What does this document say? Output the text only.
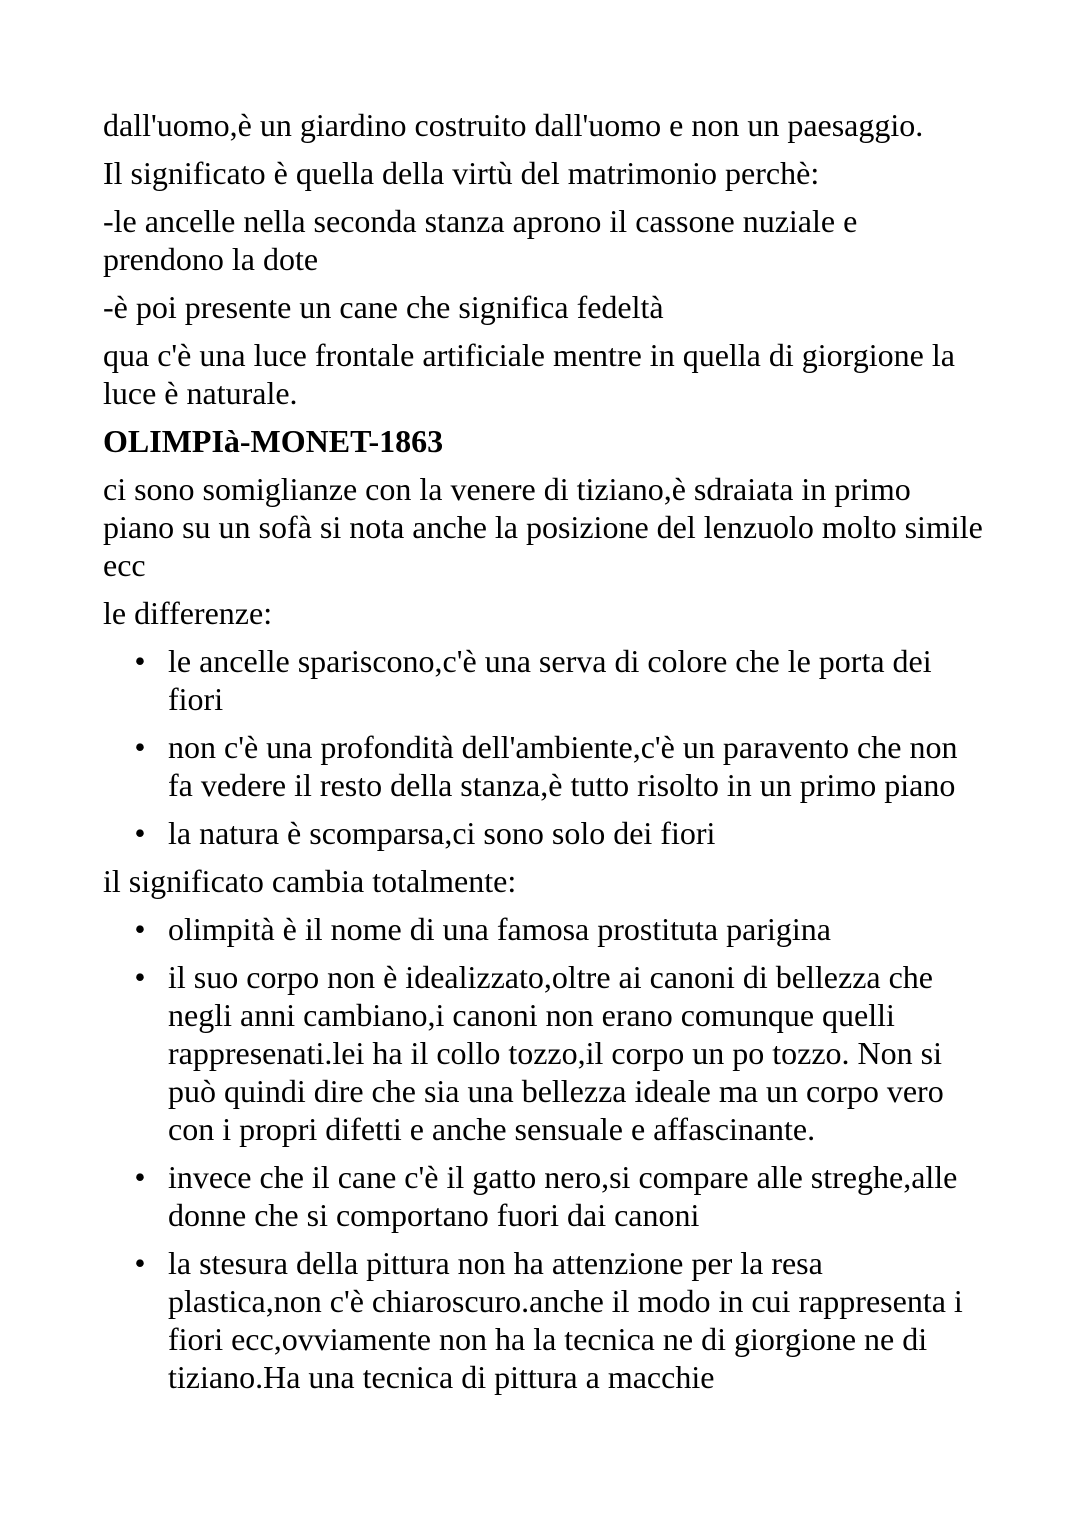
dall'uomo,è un giardino costruito dall'uomo e non un paesaggio.

Il significato è quella della virtù del matrimonio perchè:

-le ancelle nella seconda stanza aprono il cassone nuziale e prendono la dote

-è poi presente un cane che significa fedeltà

qua c'è una luce frontale artificiale mentre in quella di giorgione la luce è naturale.

OLIMPIà-MONET-1863

ci sono somiglianze con la venere di tiziano,è sdraiata in primo piano su un sofà si nota anche la posizione del lenzuolo molto simile ecc

le differenze:

• le ancelle spariscono,c'è una serva di colore che le porta dei fiori
• non c'è una profondità dell'ambiente,c'è un paravento che non fa vedere il resto della stanza,è tutto risolto in un primo piano
• la natura è scomparsa,ci sono solo dei fiori

il significato cambia totalmente:

• olimpità è il nome di una famosa prostituta parigina
• il suo corpo non è idealizzato,oltre ai canoni di bellezza che negli anni cambiano,i canoni non erano comunque quelli rappresenati.lei ha il collo tozzo,il corpo un po tozzo. Non si può quindi dire che sia una bellezza ideale ma un corpo vero con i propri difetti e anche sensuale e affascinante.
• invece che il cane c'è il gatto nero,si compare alle streghe,alle donne che si comportano fuori dai canoni
• la stesura della pittura non ha attenzione per la resa plastica,non c'è chiaroscuro.anche il modo in cui rappresenta i fiori ecc,ovviamente non ha la tecnica ne di giorgione ne di tiziano.Ha una tecnica di pittura a macchie
